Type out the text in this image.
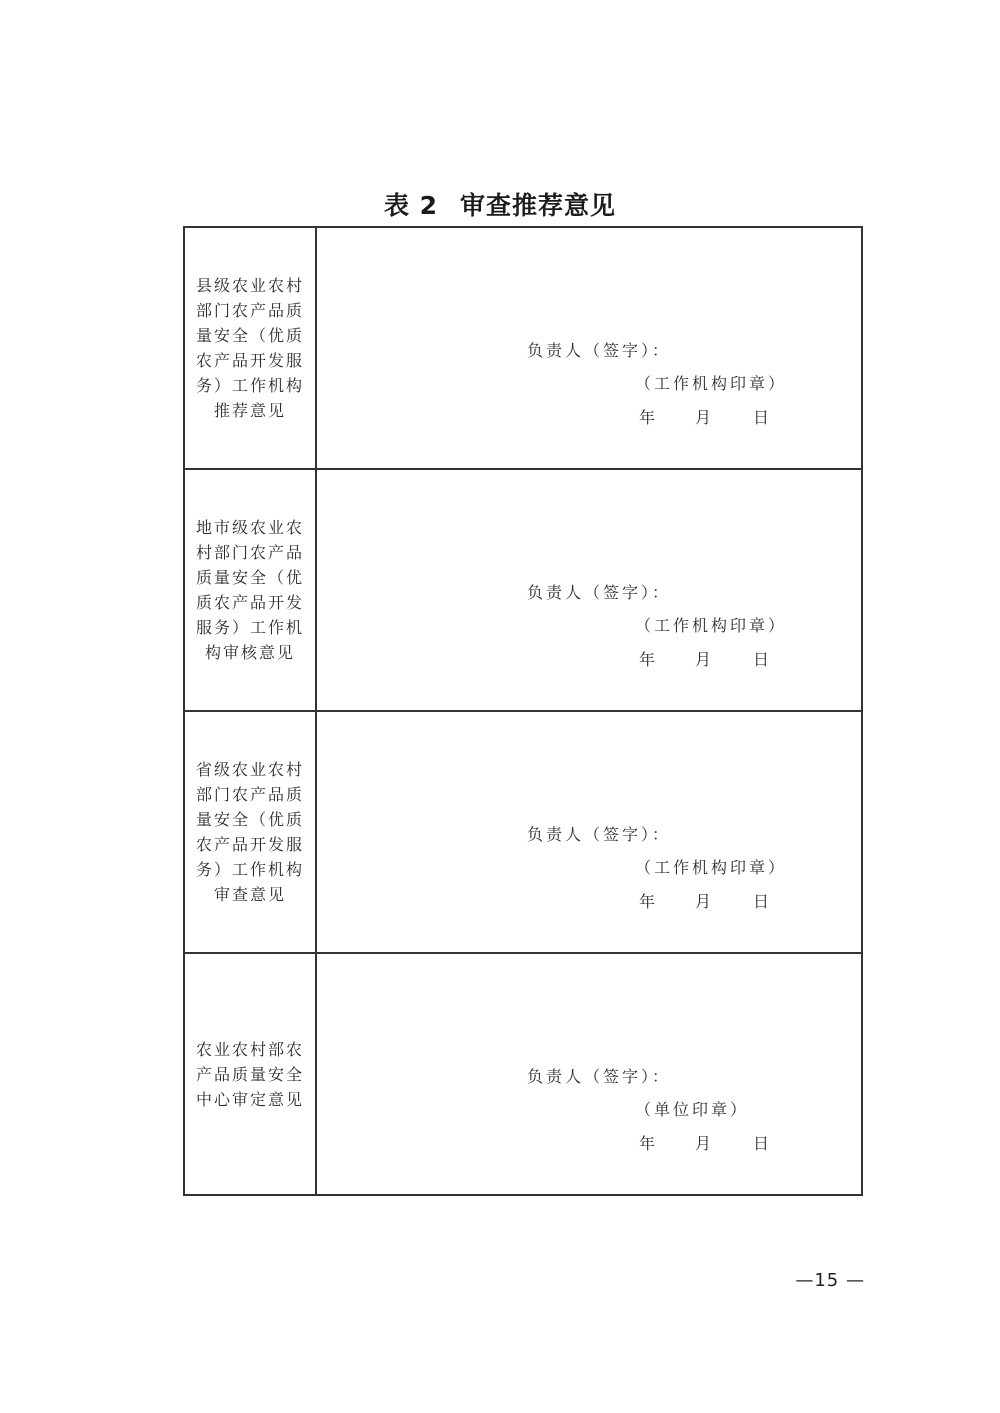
表 2 审查推荐意见
县级农业农村部门农产品质量安全（优质农产品开发服务）工作机构推荐意见
负责人（签字）：
（工作机构印章）
年	月	日
地市级农业农村部门农产品质量安全（优质农产品开发服务）工作机构审核意见
负责人（签字）：
（工作机构印章）
年	月	日
省级农业农村部门农产品质量安全（优质农产品开发服务）工作机构审查意见
负责人（签字）：
（工作机构印章）
年	月	日
农业农村部农产品质量安全中心审定意见
负责人（签字）：
（单位印章）
年	月	日
—15 —
